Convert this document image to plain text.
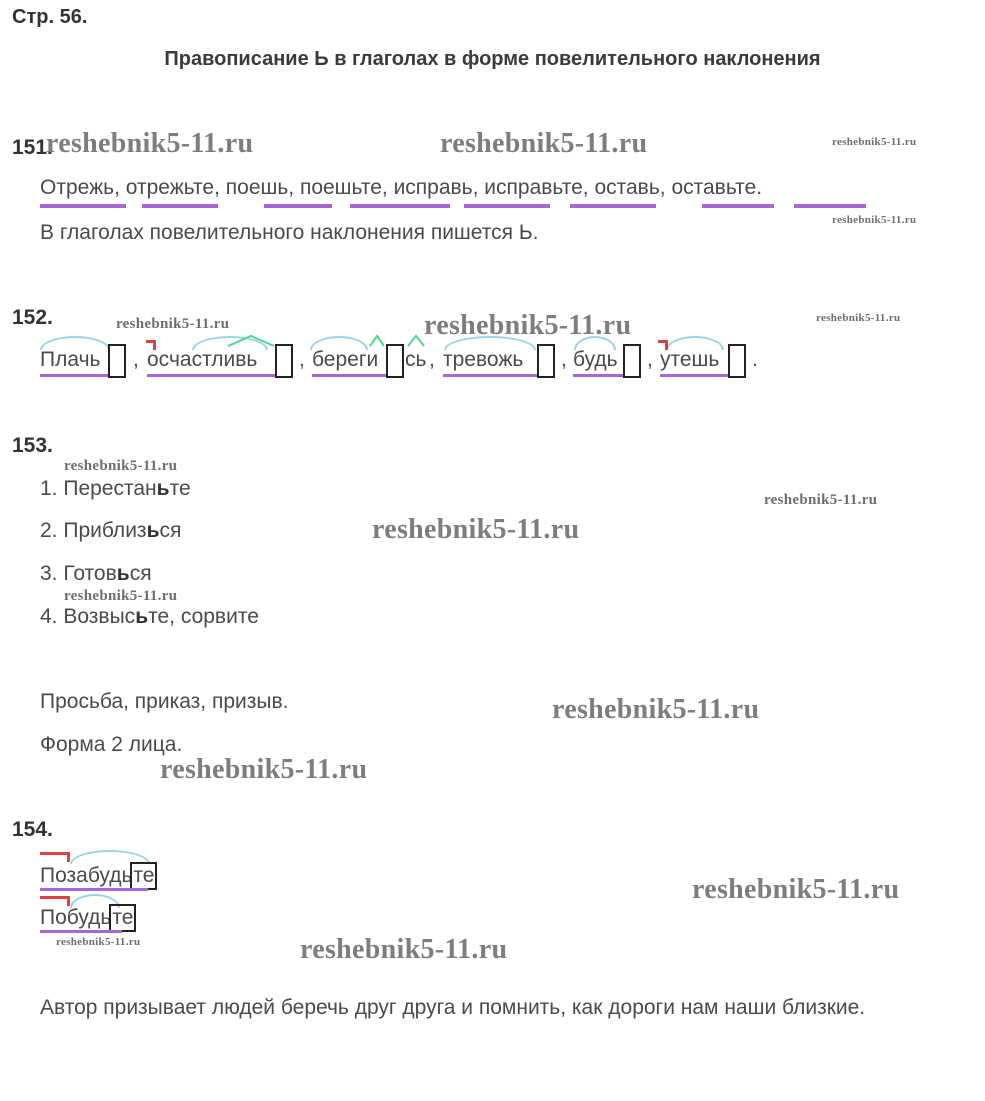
Стр. 56.
Правописание Ь в глаголах в форме повелительного наклонения
151.
reshebnik5-11.ru	reshebnik5-11.ru	reshebnik5-11.ru
Отрежь, отрежьте, поешь, поешьте, исправь, исправьте, оставь, оставьте.
reshebnik5-11.ru
В глаголах повелительного наклонения пишется Ь.
152.	reshebnik5-11.ru	reshebnik5-11.ru	reshebnik5-11.ru
Плачь , осчастливь , береги сь , тревожь , будь , утешь .
153.
reshebnik5-11.ru
1. Перестаньте	reshebnik5-11.ru
2. Приблизься	reshebnik5-11.ru
3. Готовься
reshebnik5-11.ru
4. Возвысьте, сорвите
Просьба, приказ, призыв.	reshebnik5-11.ru
Форма 2 лица.
reshebnik5-11.ru
154.
Позабудьте	reshebnik5-11.ru
Побудьте
reshebnik5-11.ru	reshebnik5-11.ru
Автор призывает людей беречь друг друга и помнить, как дороги нам наши близкие.
